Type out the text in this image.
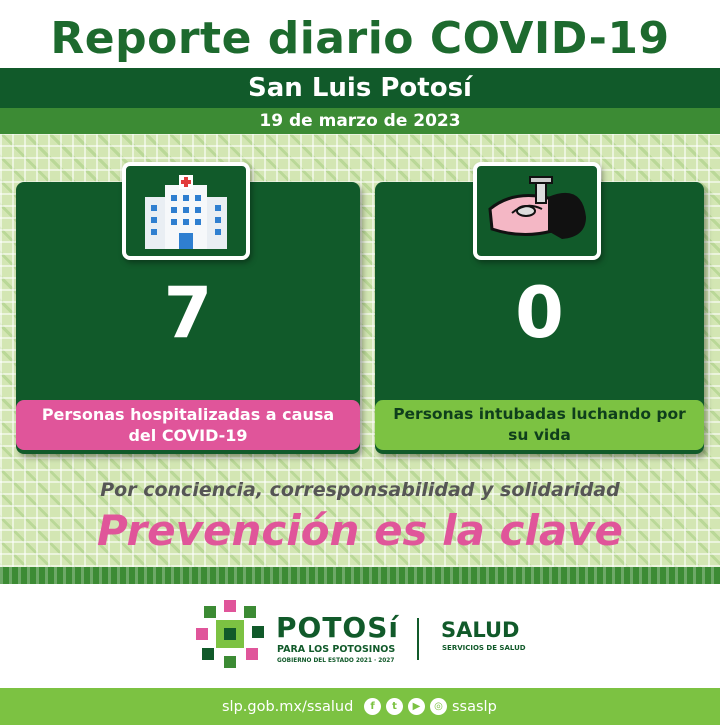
Reporte diario COVID-19
San Luis Potosí
19 de marzo de 2023
7
Personas hospitalizadas a causa del COVID-19
0
Personas intubadas luchando por su vida
Por conciencia, corresponsabilidad y solidaridad
Prevención es la clave
POTOSí
PARA LOS POTOSINOS
GOBIERNO DEL ESTADO 2021 · 2027
SALUD
SERVICIOS DE SALUD
slp.gob.mx/ssalud	f	t	▶	◎ ssaslp
